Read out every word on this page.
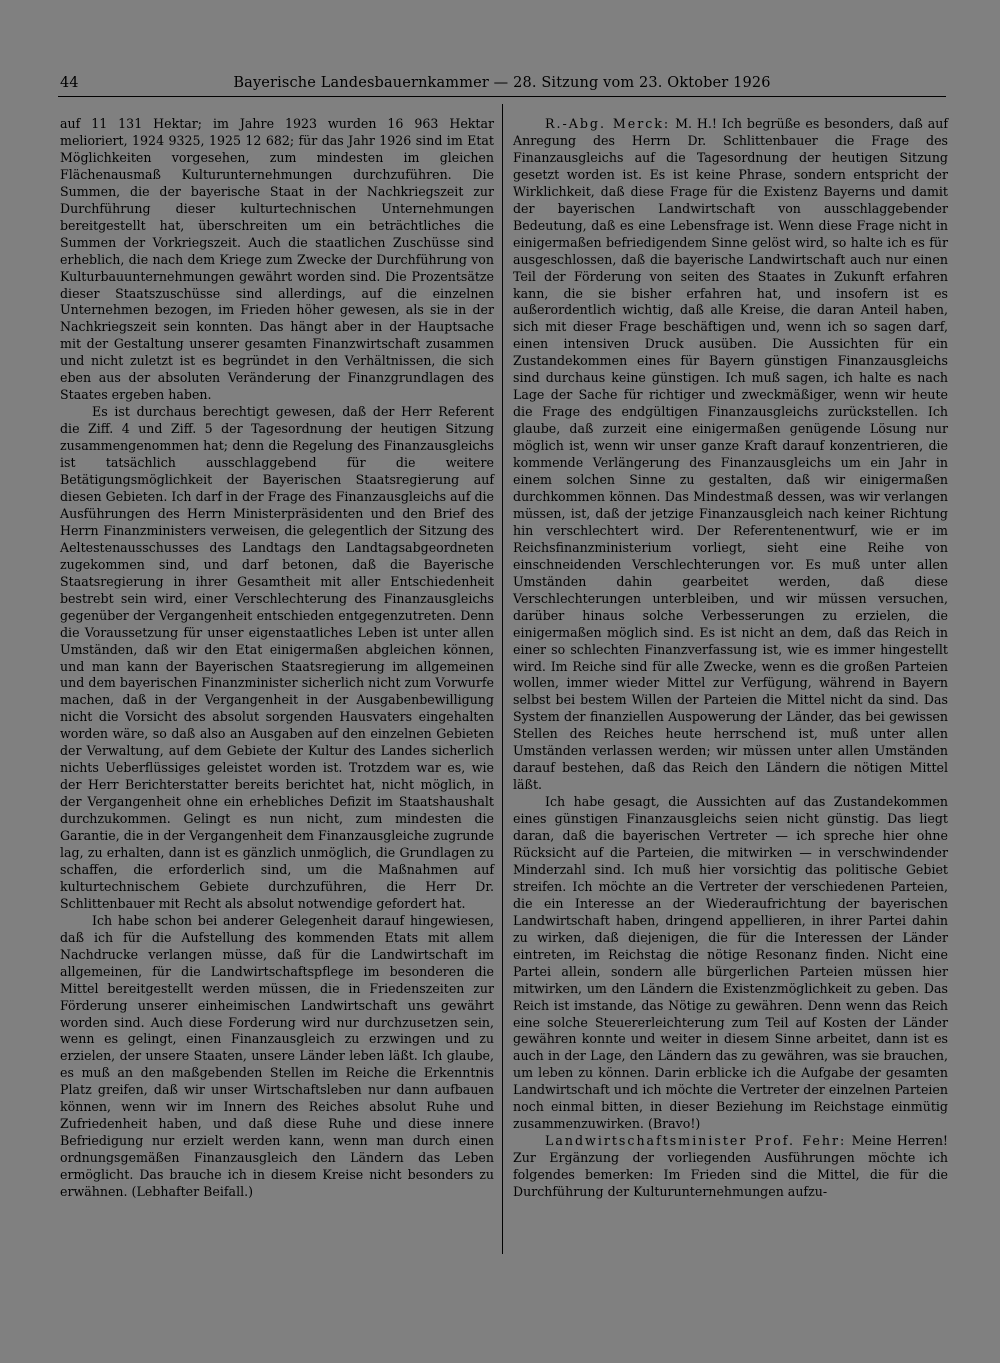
44	Bayerische Landesbauernkammer — 28. Sitzung vom 23. Oktober 1926

auf 11 131 Hektar; im Jahre 1923 wurden 16 963 Hektar melioriert, 1924 9325, 1925 12 682; für das Jahr 1926 sind im Etat Möglichkeiten vorgesehen, zum mindesten im gleichen Flächenausmaß Kulturunternehmungen durchzuführen. Die Summen, die der bayerische Staat in der Nachkriegszeit zur Durchführung dieser kulturtechnischen Unternehmungen bereitgestellt hat, überschreiten um ein beträchtliches die Summen der Vorkriegszeit. Auch die staatlichen Zuschüsse sind erheblich, die nach dem Kriege zum Zwecke der Durchführung von Kulturbauunternehmungen gewährt worden sind. Die Prozentsätze dieser Staatszuschüsse sind allerdings, auf die einzelnen Unternehmen bezogen, im Frieden höher gewesen, als sie in der Nachkriegszeit sein konnten. Das hängt aber in der Hauptsache mit der Gestaltung unserer gesamten Finanzwirtschaft zusammen und nicht zuletzt ist es begründet in den Verhältnissen, die sich eben aus der absoluten Veränderung der Finanzgrundlagen des Staates ergeben haben.

Es ist durchaus berechtigt gewesen, daß der Herr Referent die Ziff. 4 und Ziff. 5 der Tagesordnung der heutigen Sitzung zusammengenommen hat; denn die Regelung des Finanzausgleichs ist tatsächlich ausschlaggebend für die weitere Betätigungsmöglichkeit der Bayerischen Staatsregierung auf diesen Gebieten. Ich darf in der Frage des Finanzausgleichs auf die Ausführungen des Herrn Ministerpräsidenten und den Brief des Herrn Finanzministers verweisen, die gelegentlich der Sitzung des Aeltestenausschusses des Landtags den Landtagsabgeordneten zugekommen sind, und darf betonen, daß die Bayerische Staatsregierung in ihrer Gesamtheit mit aller Entschiedenheit bestrebt sein wird, einer Verschlechterung des Finanzausgleichs gegenüber der Vergangenheit entschieden entgegenzutreten. Denn die Voraussetzung für unser eigenstaatliches Leben ist unter allen Umständen, daß wir den Etat einigermaßen abgleichen können, und man kann der Bayerischen Staatsregierung im allgemeinen und dem bayerischen Finanzminister sicherlich nicht zum Vorwurfe machen, daß in der Vergangenheit in der Ausgabenbewilligung nicht die Vorsicht des absolut sorgenden Hausvaters eingehalten worden wäre, so daß also an Ausgaben auf den einzelnen Gebieten der Verwaltung, auf dem Gebiete der Kultur des Landes sicherlich nichts Ueberflüssiges geleistet worden ist. Trotzdem war es, wie der Herr Berichterstatter bereits berichtet hat, nicht möglich, in der Vergangenheit ohne ein erhebliches Defizit im Staatshaushalt durchzukommen. Gelingt es nun nicht, zum mindesten die Garantie, die in der Vergangenheit dem Finanzausgleiche zugrunde lag, zu erhalten, dann ist es gänzlich unmöglich, die Grundlagen zu schaffen, die erforderlich sind, um die Maßnahmen auf kulturtechnischem Gebiete durchzuführen, die Herr Dr. Schlittenbauer mit Recht als absolut notwendige gefordert hat.

Ich habe schon bei anderer Gelegenheit darauf hingewiesen, daß ich für die Aufstellung des kommenden Etats mit allem Nachdrucke verlangen müsse, daß für die Landwirtschaft im allgemeinen, für die Landwirtschaftspflege im besonderen die Mittel bereitgestellt werden müssen, die in Friedenszeiten zur Förderung unserer einheimischen Landwirtschaft uns gewährt worden sind. Auch diese Forderung wird nur durchzusetzen sein, wenn es gelingt, einen Finanzausgleich zu erzwingen und zu erzielen, der unsere Staaten, unsere Länder leben läßt. Ich glaube, es muß an den maßgebenden Stellen im Reiche die Erkenntnis Platz greifen, daß wir unser Wirtschaftsleben nur dann aufbauen können, wenn wir im Innern des Reiches absolut Ruhe und Zufriedenheit haben, und daß diese Ruhe und diese innere Befriedigung nur erzielt werden kann, wenn man durch einen ordnungsgemäßen Finanzausgleich den Ländern das Leben ermöglicht. Das brauche ich in diesem Kreise nicht besonders zu erwähnen. (Lebhafter Beifall.)

R.-Abg. Merck: M. H.! Ich begrüße es besonders, daß auf Anregung des Herrn Dr. Schlittenbauer die Frage des Finanzausgleichs auf die Tagesordnung der heutigen Sitzung gesetzt worden ist. Es ist keine Phrase, sondern entspricht der Wirklichkeit, daß diese Frage für die Existenz Bayerns und damit der bayerischen Landwirtschaft von ausschlaggebender Bedeutung, daß es eine Lebensfrage ist. Wenn diese Frage nicht in einigermaßen befriedigendem Sinne gelöst wird, so halte ich es für ausgeschlossen, daß die bayerische Landwirtschaft auch nur einen Teil der Förderung von seiten des Staates in Zukunft erfahren kann, die sie bisher erfahren hat, und insofern ist es außerordentlich wichtig, daß alle Kreise, die daran Anteil haben, sich mit dieser Frage beschäftigen und, wenn ich so sagen darf, einen intensiven Druck ausüben. Die Aussichten für ein Zustandekommen eines für Bayern günstigen Finanzausgleichs sind durchaus keine günstigen. Ich muß sagen, ich halte es nach Lage der Sache für richtiger und zweckmäßiger, wenn wir heute die Frage des endgültigen Finanzausgleichs zurückstellen. Ich glaube, daß zurzeit eine einigermaßen genügende Lösung nur möglich ist, wenn wir unser ganze Kraft darauf konzentrieren, die kommende Verlängerung des Finanzausgleichs um ein Jahr in einem solchen Sinne zu gestalten, daß wir einigermaßen durchkommen können. Das Mindestmaß dessen, was wir verlangen müssen, ist, daß der jetzige Finanzausgleich nach keiner Richtung hin verschlechtert wird. Der Referentenentwurf, wie er im Reichsfinanzministerium vorliegt, sieht eine Reihe von einschneidenden Verschlechterungen vor. Es muß unter allen Umständen dahin gearbeitet werden, daß diese Verschlechterungen unterbleiben, und wir müssen versuchen, darüber hinaus solche Verbesserungen zu erzielen, die einigermaßen möglich sind. Es ist nicht an dem, daß das Reich in einer so schlechten Finanzverfassung ist, wie es immer hingestellt wird. Im Reiche sind für alle Zwecke, wenn es die großen Parteien wollen, immer wieder Mittel zur Verfügung, während in Bayern selbst bei bestem Willen der Parteien die Mittel nicht da sind. Das System der finanziellen Auspowerung der Länder, das bei gewissen Stellen des Reiches heute herrschend ist, muß unter allen Umständen verlassen werden; wir müssen unter allen Umständen darauf bestehen, daß das Reich den Ländern die nötigen Mittel läßt.

Ich habe gesagt, die Aussichten auf das Zustandekommen eines günstigen Finanzausgleichs seien nicht günstig. Das liegt daran, daß die bayerischen Vertreter — ich spreche hier ohne Rücksicht auf die Parteien, die mitwirken — in verschwindender Minderzahl sind. Ich muß hier vorsichtig das politische Gebiet streifen. Ich möchte an die Vertreter der verschiedenen Parteien, die ein Interesse an der Wiederaufrichtung der bayerischen Landwirtschaft haben, dringend appellieren, in ihrer Partei dahin zu wirken, daß diejenigen, die für die Interessen der Länder eintreten, im Reichstag die nötige Resonanz finden. Nicht eine Partei allein, sondern alle bürgerlichen Parteien müssen hier mitwirken, um den Ländern die Existenzmöglichkeit zu geben. Das Reich ist imstande, das Nötige zu gewähren. Denn wenn das Reich eine solche Steuererleichterung zum Teil auf Kosten der Länder gewähren konnte und weiter in diesem Sinne arbeitet, dann ist es auch in der Lage, den Ländern das zu gewähren, was sie brauchen, um leben zu können. Darin erblicke ich die Aufgabe der gesamten Landwirtschaft und ich möchte die Vertreter der einzelnen Parteien noch einmal bitten, in dieser Beziehung im Reichstage einmütig zusammenzuwirken. (Bravo!)

Landwirtschaftsminister Prof. Fehr: Meine Herren! Zur Ergänzung der vorliegenden Ausführungen möchte ich folgendes bemerken: Im Frieden sind die Mittel, die für die Durchführung der Kulturunternehmungen aufzu-
